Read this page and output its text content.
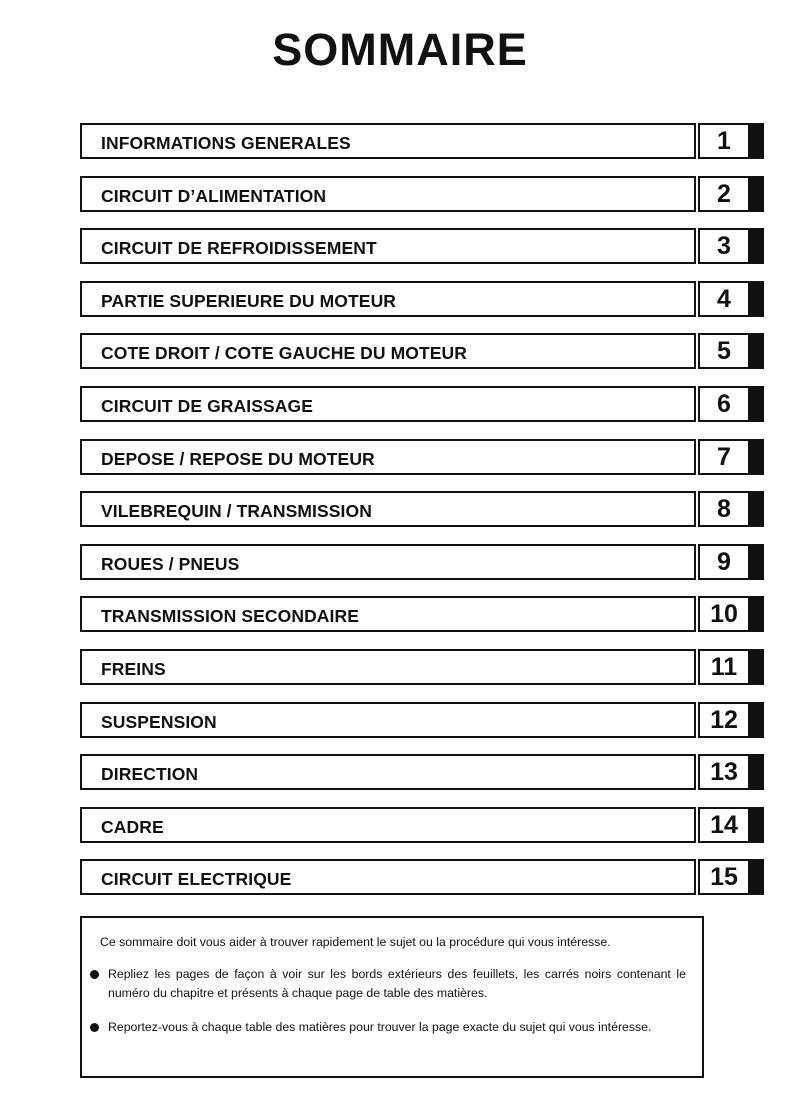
SOMMAIRE
INFORMATIONS GENERALES	1
CIRCUIT D’ALIMENTATION	2
CIRCUIT DE REFROIDISSEMENT	3
PARTIE SUPERIEURE DU MOTEUR	4
COTE DROIT / COTE GAUCHE DU MOTEUR	5
CIRCUIT DE GRAISSAGE	6
DEPOSE / REPOSE DU MOTEUR	7
VILEBREQUIN / TRANSMISSION	8
ROUES / PNEUS	9
TRANSMISSION SECONDAIRE	10
FREINS	11
SUSPENSION	12
DIRECTION	13
CADRE	14
CIRCUIT ELECTRIQUE	15
Ce sommaire doit vous aider à trouver rapidement le sujet ou la procédure qui vous intéresse.
Repliez les pages de façon à voir sur les bords extérieurs des feuillets, les carrés noirs contenant le numéro du chapitre et présents à chaque page de table des matières.
Reportez-vous à chaque table des matières pour trouver la page exacte du sujet qui vous intéresse.
